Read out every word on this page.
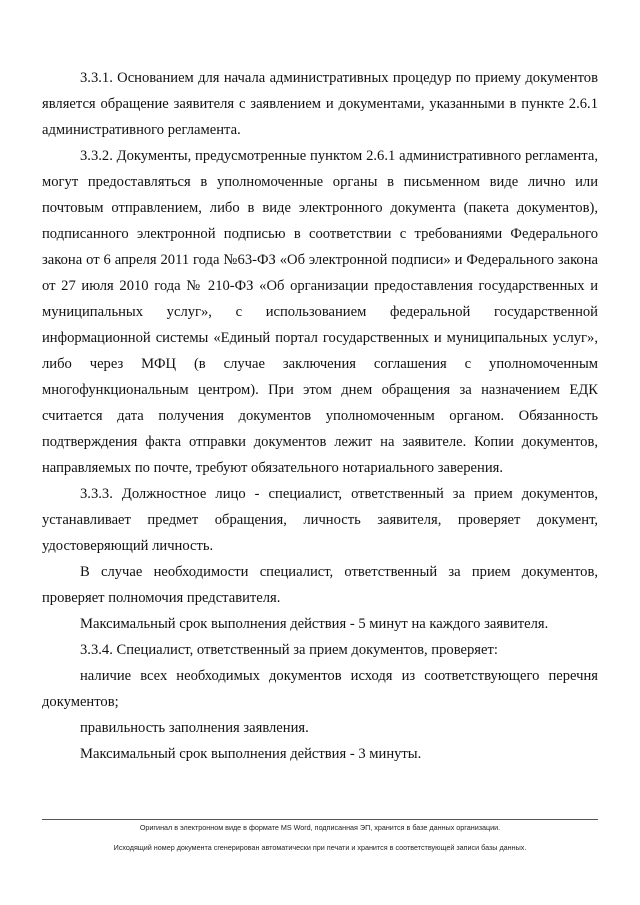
3.3.1. Основанием для начала административных процедур по приему документов является обращение заявителя с заявлением и документами, указанными в пункте 2.6.1 административного регламента.

3.3.2. Документы, предусмотренные пунктом 2.6.1 административного регламента, могут предоставляться в уполномоченные органы в письменном виде лично или почтовым отправлением, либо в виде электронного документа (пакета документов), подписанного электронной подписью в соответствии с требованиями Федерального закона от 6 апреля 2011 года №63-ФЗ «Об электронной подписи» и Федерального закона от 27 июля 2010 года № 210-ФЗ «Об организации предоставления государственных и муниципальных услуг», с использованием федеральной государственной информационной системы «Единый портал государственных и муниципальных услуг», либо через МФЦ (в случае заключения соглашения с уполномоченным многофункциональным центром). При этом днем обращения за назначением ЕДК считается дата получения документов уполномоченным органом. Обязанность подтверждения факта отправки документов лежит на заявителе. Копии документов, направляемых по почте, требуют обязательного нотариального заверения.

3.3.3. Должностное лицо - специалист, ответственный за прием документов, устанавливает предмет обращения, личность заявителя, проверяет документ, удостоверяющий личность.

В случае необходимости специалист, ответственный за прием документов, проверяет полномочия представителя.

Максимальный срок выполнения действия - 5 минут на каждого заявителя.

3.3.4. Специалист, ответственный за прием документов, проверяет:

наличие всех необходимых документов исходя из соответствующего перечня документов;

правильность заполнения заявления.

Максимальный срок выполнения действия - 3 минуты.

Оригинал в электронном виде в формате MS Word, подписанная ЭП, хранится в базе данных организации.
Исходящий номер документа сгенерирован автоматически при печати и хранится в соответствующей записи базы данных.
